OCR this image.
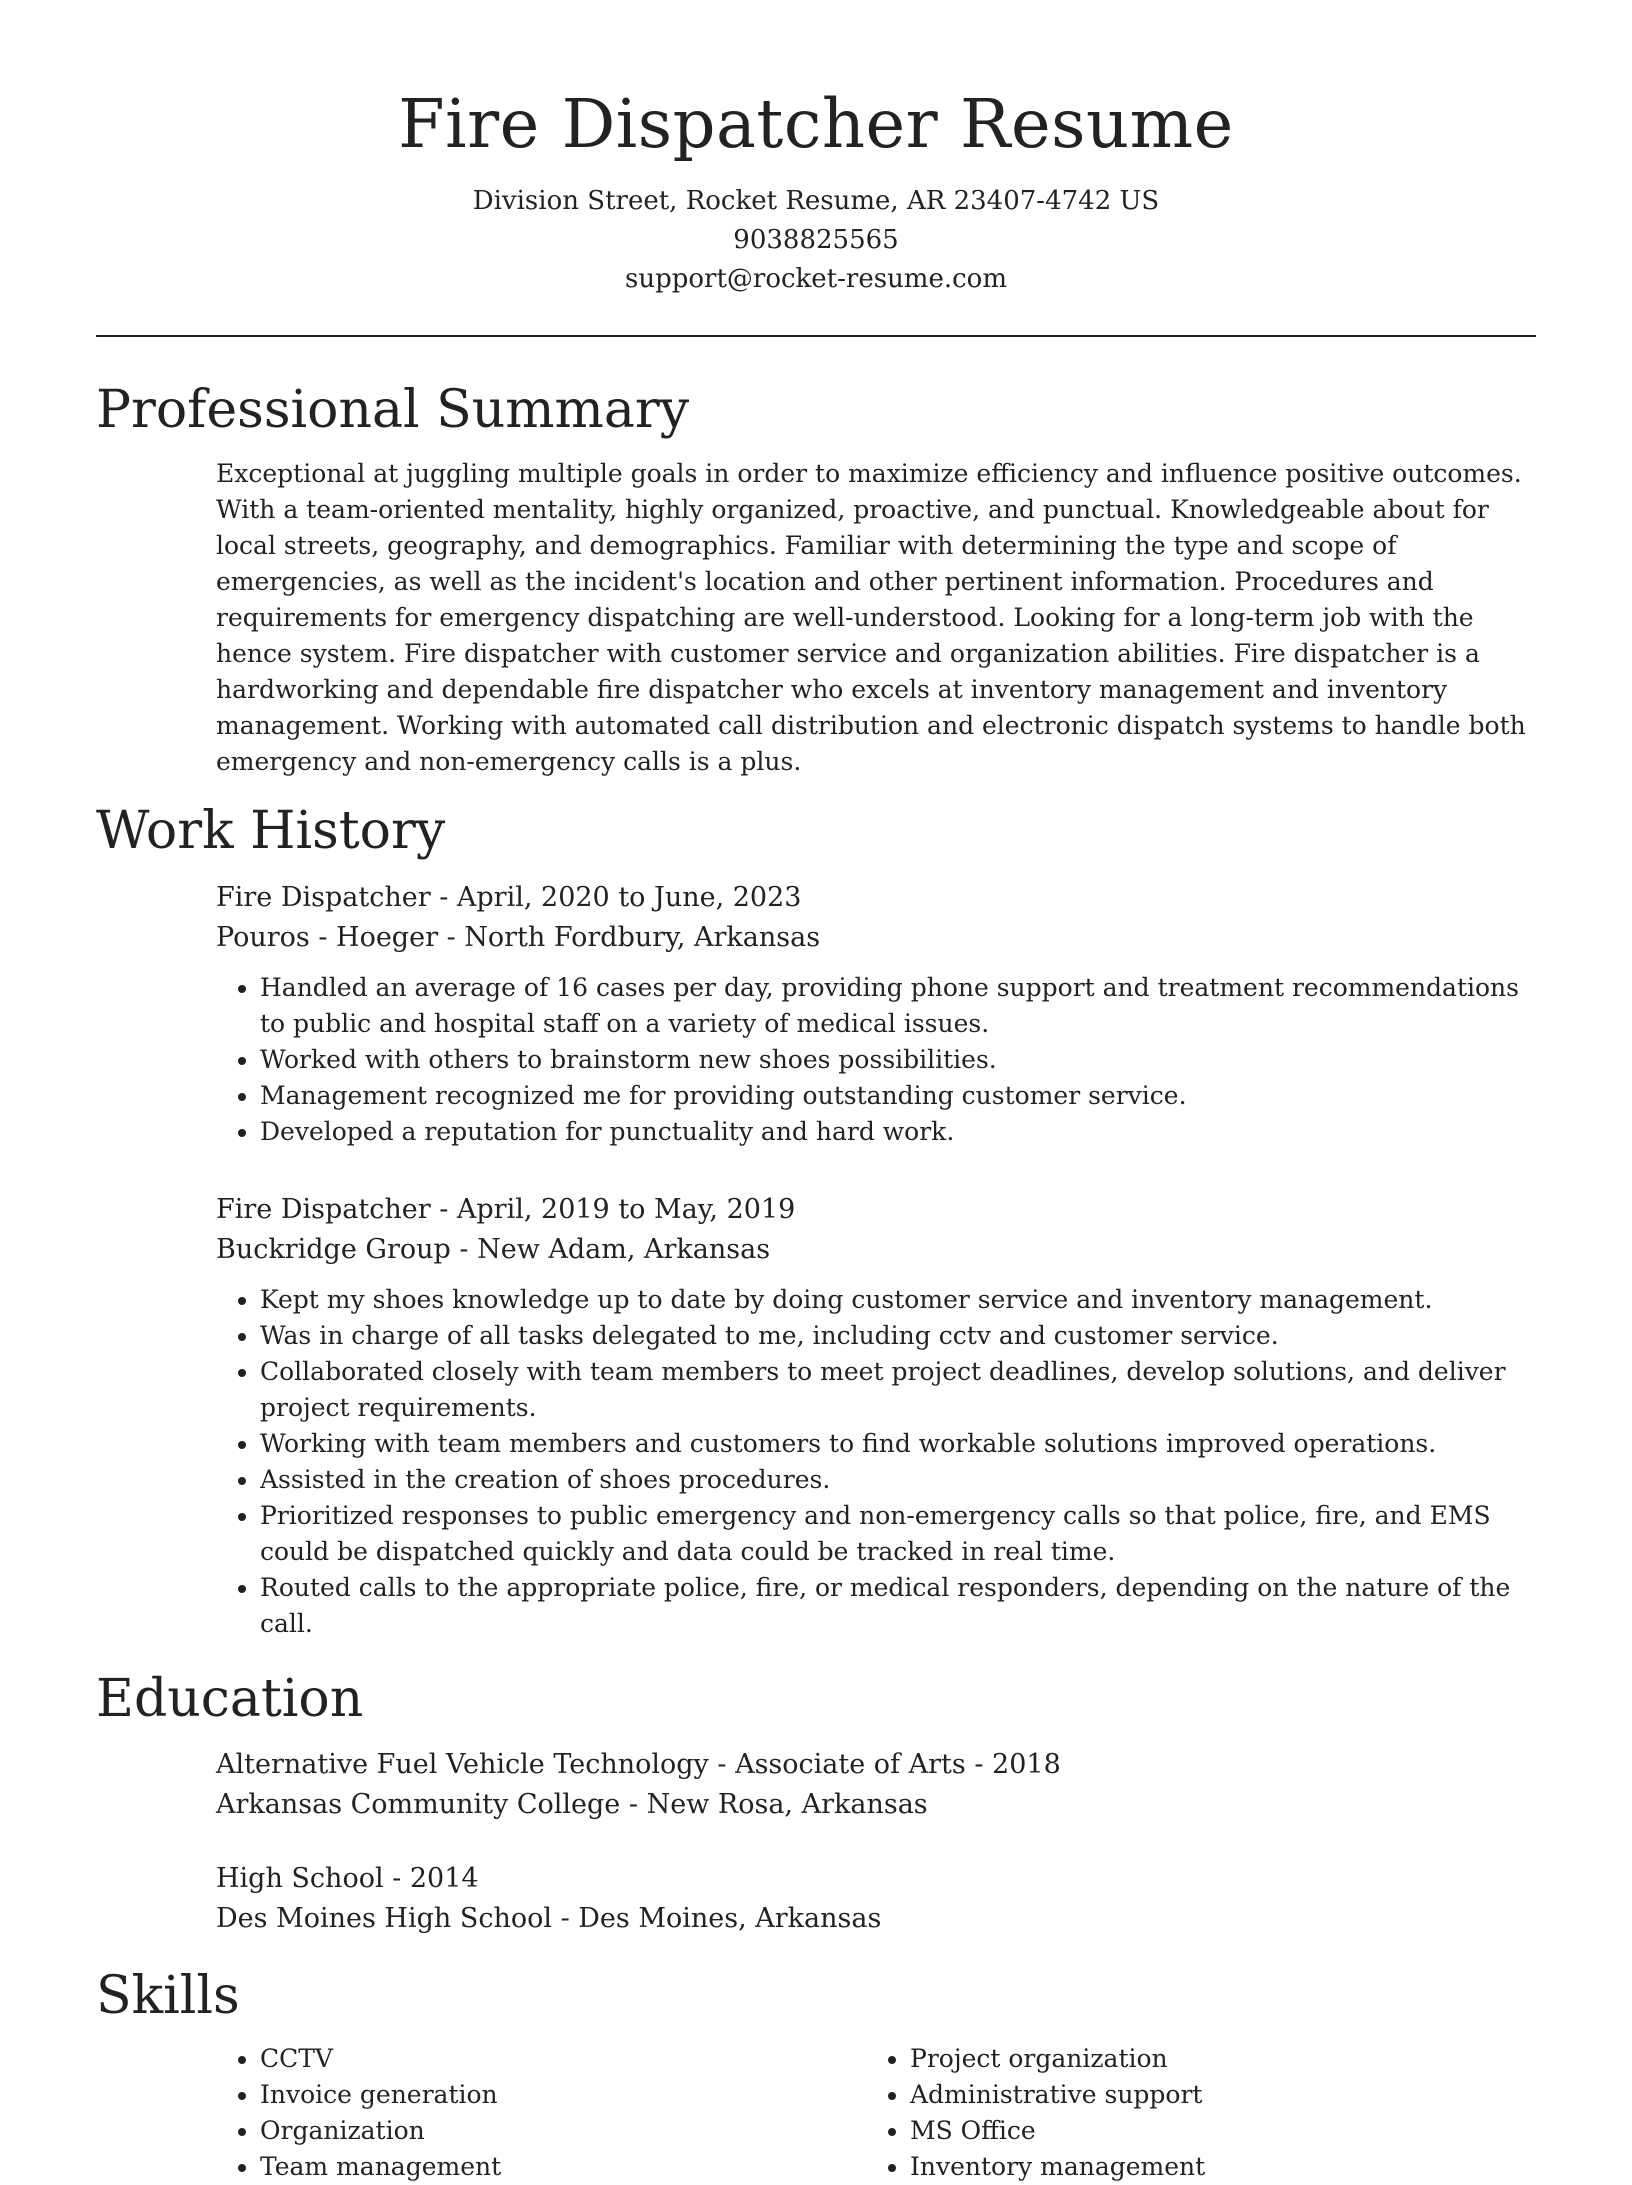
Fire Dispatcher Resume

Division Street, Rocket Resume, AR 23407-4742 US

9038825565

support@rocket-resume.com

Professional Summary

Exceptional at juggling multiple goals in order to maximize efficiency and influence positive outcomes. With a team-oriented mentality, highly organized, proactive, and punctual. Knowledgeable about for local streets, geography, and demographics. Familiar with determining the type and scope of emergencies, as well as the incident's location and other pertinent information. Procedures and requirements for emergency dispatching are well-understood. Looking for a long-term job with the hence system. Fire dispatcher with customer service and organization abilities. Fire dispatcher is a hardworking and dependable fire dispatcher who excels at inventory management and inventory management. Working with automated call distribution and electronic dispatch systems to handle both emergency and non-emergency calls is a plus.

Work History

Fire Dispatcher - April, 2020 to June, 2023

Pouros - Hoeger - North Fordbury, Arkansas

• Handled an average of 16 cases per day, providing phone support and treatment recommendations to public and hospital staff on a variety of medical issues.
• Worked with others to brainstorm new shoes possibilities.
• Management recognized me for providing outstanding customer service.
• Developed a reputation for punctuality and hard work.

Fire Dispatcher - April, 2019 to May, 2019

Buckridge Group - New Adam, Arkansas

• Kept my shoes knowledge up to date by doing customer service and inventory management.
• Was in charge of all tasks delegated to me, including cctv and customer service.
• Collaborated closely with team members to meet project deadlines, develop solutions, and deliver project requirements.
• Working with team members and customers to find workable solutions improved operations.
• Assisted in the creation of shoes procedures.
• Prioritized responses to public emergency and non-emergency calls so that police, fire, and EMS could be dispatched quickly and data could be tracked in real time.
• Routed calls to the appropriate police, fire, or medical responders, depending on the nature of the call.
Education

Alternative Fuel Vehicle Technology - Associate of Arts - 2018

Arkansas Community College - New Rosa, Arkansas

High School - 2014

Des Moines High School - Des Moines, Arkansas

Skills
• CCTV
• Invoice generation
• Organization
• Team management
• Project organization
• Administrative support
• MS Office
• Inventory management
